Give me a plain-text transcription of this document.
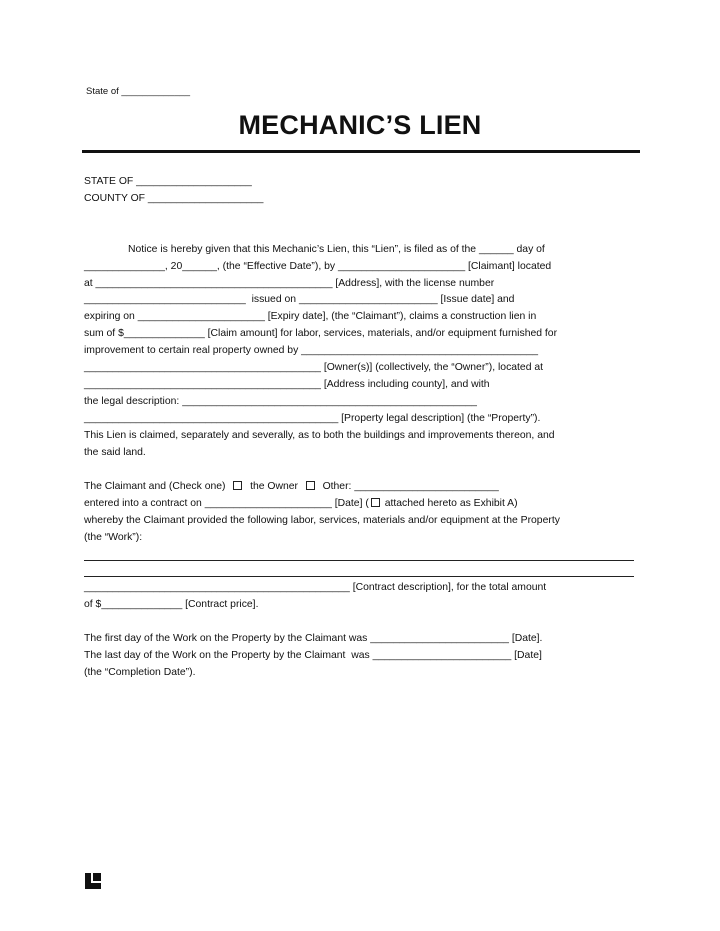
State of _____________
MECHANIC’S LIEN
STATE OF ____________________
COUNTY OF ____________________
Notice is hereby given that this Mechanic’s Lien, this “Lien”, is filed as of the ______ day of
______________, 20______, (the “Effective Date”), by ______________________ [Claimant] located
at _________________________________________ [Address], with the license number
____________________________  issued on ________________________ [Issue date] and
expiring on ______________________ [Expiry date], (the “Claimant”), claims a construction lien in
sum of $______________ [Claim amount] for labor, services, materials, and/or equipment furnished for
improvement to certain real property owned by _________________________________________
_________________________________________ [Owner(s)] (collectively, the “Owner”), located at
_________________________________________ [Address including county], and with
the legal description: ___________________________________________________
____________________________________________ [Property legal description] (the “Property”).
This Lien is claimed, separately and severally, as to both the buildings and improvements thereon, and
the said land.
The Claimant and (Check one) the Owner Other: _________________________
entered into a contract on ______________________ [Date] ( attached hereto as Exhibit A)
whereby the Claimant provided the following labor, services, materials and/or equipment at the Property
(the “Work”):
______________________________________________ [Contract description], for the total amount
of $______________ [Contract price].
The first day of the Work on the Property by the Claimant was ________________________ [Date].
The last day of the Work on the Property by the Claimant  was ________________________ [Date]
(the “Completion Date”).
